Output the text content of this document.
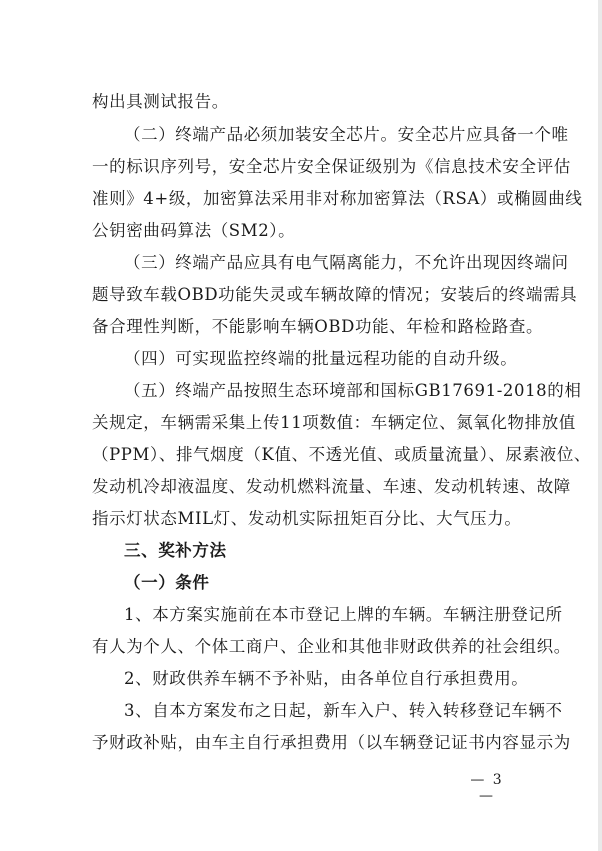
构出具测试报告。
（二）终端产品必须加装安全芯片。安全芯片应具备一个唯
一的标识序列号，安全芯片安全保证级别为《信息技术安全评估
准则》4+级，加密算法采用非对称加密算法（RSA）或椭圆曲线
公钥密曲码算法（SM2）。
（三）终端产品应具有电气隔离能力，不允许出现因终端问
题导致车载OBD功能失灵或车辆故障的情况；安装后的终端需具
备合理性判断，不能影响车辆OBD功能、年检和路检路查。
（四）可实现监控终端的批量远程功能的自动升级。
（五）终端产品按照生态环境部和国标GB17691-2018的相
关规定，车辆需采集上传11项数值：车辆定位、氮氧化物排放值
（PPM）、排气烟度（K值、不透光值、或质量流量）、尿素液位、
发动机冷却液温度、发动机燃料流量、车速、发动机转速、故障
指示灯状态MIL灯、发动机实际扭矩百分比、大气压力。
三、奖补方法
（一）条件
1、本方案实施前在本市登记上牌的车辆。车辆注册登记所
有人为个人、个体工商户、企业和其他非财政供养的社会组织。
2、财政供养车辆不予补贴，由各单位自行承担费用。
3、自本方案发布之日起，新车入户、转入转移登记车辆不
予财政补贴，由车主自行承担费用（以车辆登记证书内容显示为
— 3 —
